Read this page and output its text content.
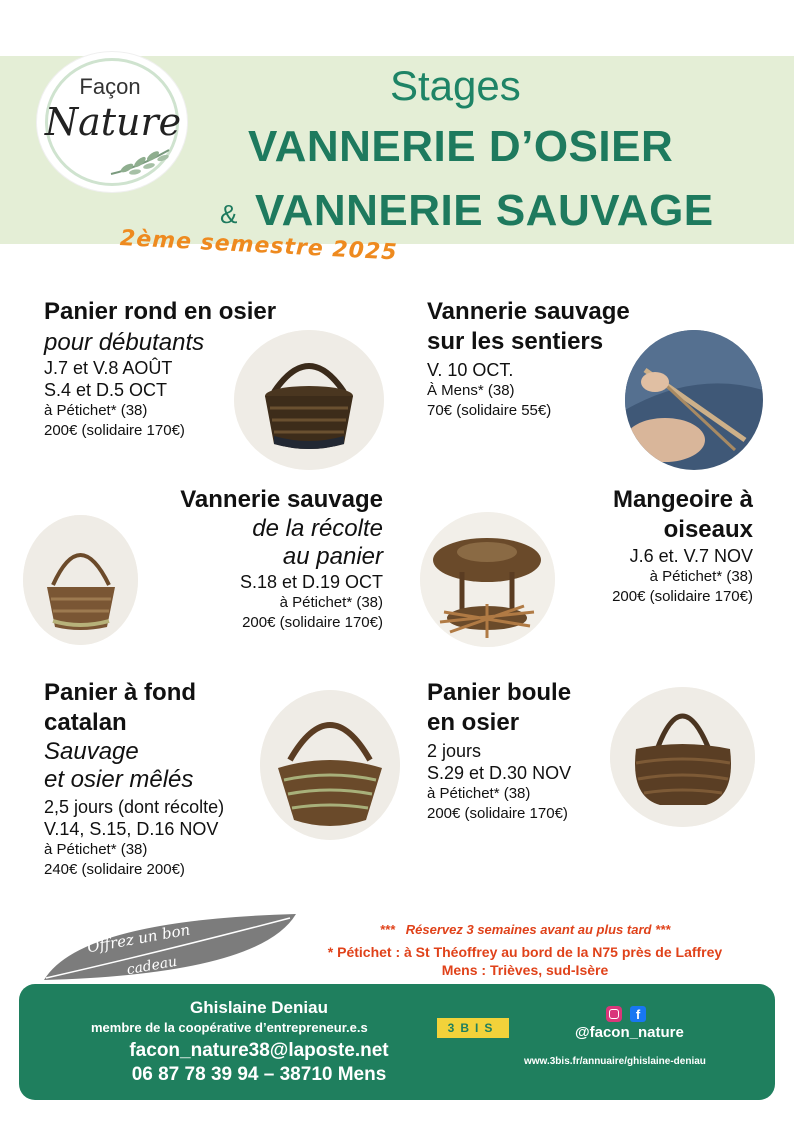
Façon
Nature
Stages
VANNERIE D’OSIER
& VANNERIE SAUVAGE
2ème semestre 2025
Panier rond en osier
pour débutants
J.7 et V.8 AOÛT
S.4 et D.5 OCT
à Pétichet* (38)
200€ (solidaire 170€)
Vannerie sauvage
sur les sentiers
V. 10 OCT.
À Mens* (38)
70€ (solidaire 55€)
Vannerie sauvage
de la récolte
au panier
S.18 et D.19 OCT
à Pétichet* (38)
200€ (solidaire 170€)
Mangeoire à
oiseaux
J.6 et. V.7 NOV
à Pétichet* (38)
200€ (solidaire 170€)
Panier à fond
catalan
Sauvage
et osier mêlés
2,5 jours (dont récolte)
V.14, S.15, D.16 NOV
à Pétichet* (38)
240€ (solidaire 200€)
Panier boule
en osier
2 jours
S.29 et D.30 NOV
à Pétichet* (38)
200€ (solidaire 170€)
Offrez un bon
cadeau
*** Réservez 3 semaines avant au plus tard ***
* Pétichet : à St Théoffrey au bord de la N75 près de Laffrey
Mens : Trièves, sud-Isère
Ghislaine Deniau
membre de la coopérative d’entrepreneur.e.s	3BIS
facon_nature38@laposte.net
06 87 78 39 94 – 38710 Mens
f
@facon_nature
www.3bis.fr/annuaire/ghislaine-deniau
